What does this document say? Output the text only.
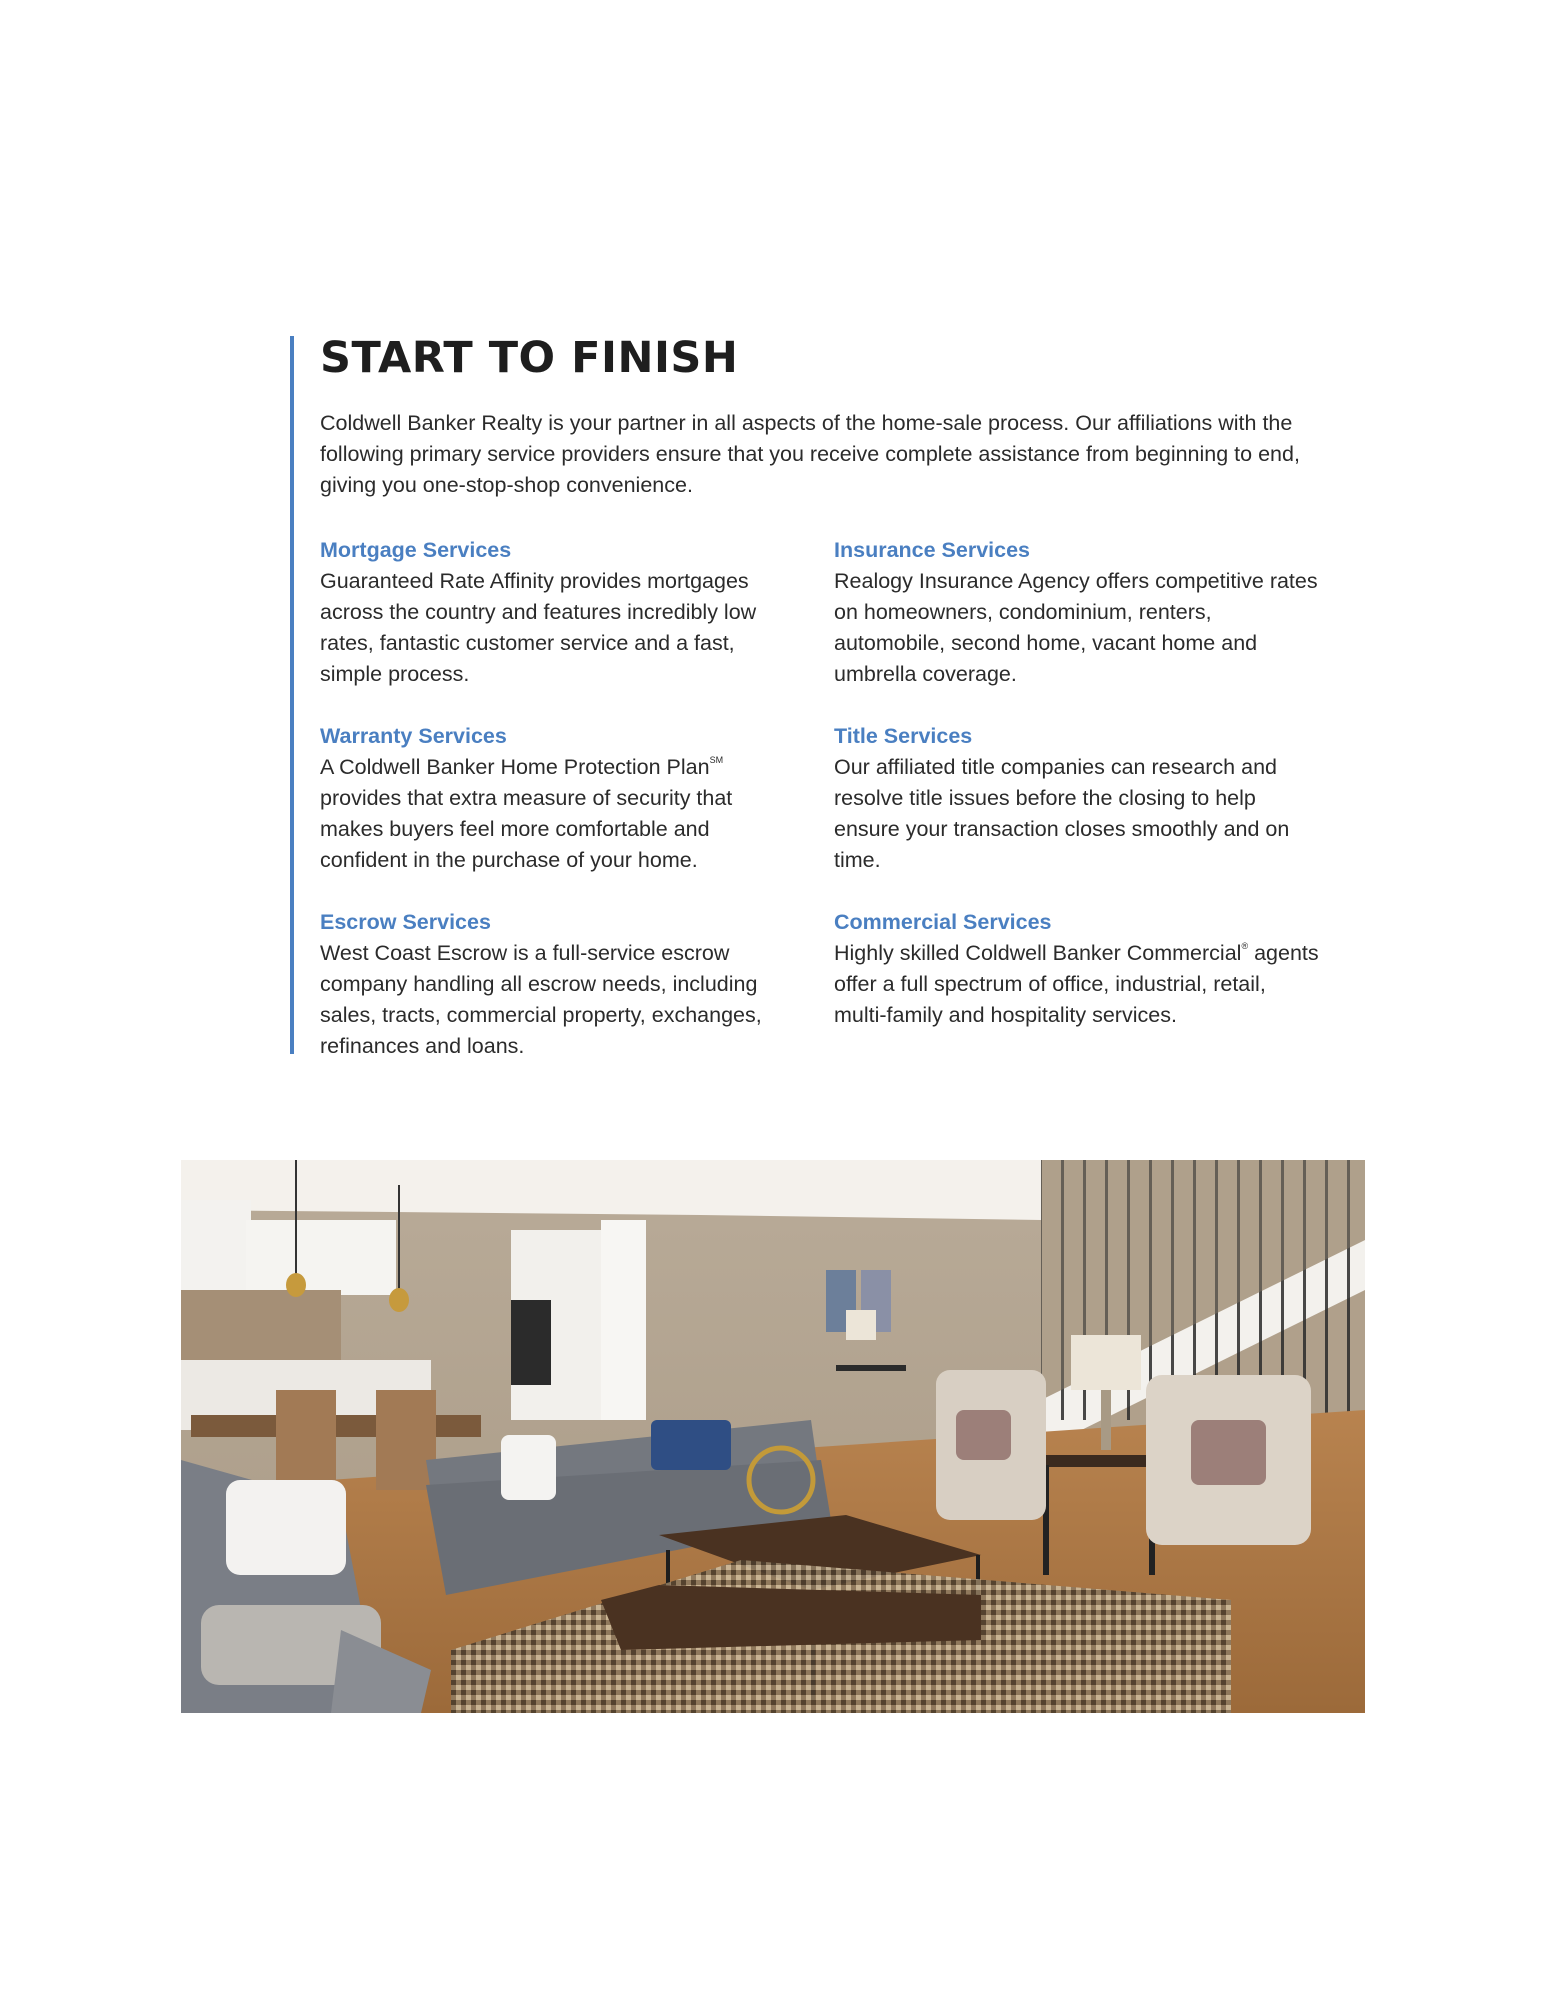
START TO FINISH

Coldwell Banker Realty is your partner in all aspects of the home-sale process. Our affiliations with the following primary service providers ensure that you receive complete assistance from beginning to end, giving you one-stop-shop convenience.

Mortgage Services

Guaranteed Rate Affinity provides mortgages across the country and features incredibly low rates, fantastic customer service and a fast, simple process.

Warranty Services

A Coldwell Banker Home Protection Plan℠ provides that extra measure of security that makes buyers feel more comfortable and confident in the purchase of your home.

Escrow Services

West Coast Escrow is a full-service escrow company handling all escrow needs, including sales, tracts, commercial property, exchanges, refinances and loans.

Insurance Services

Realogy Insurance Agency offers competitive rates on homeowners, condominium, renters, automobile, second home, vacant home and umbrella coverage.

Title Services

Our affiliated title companies can research and resolve title issues before the closing to help ensure your transaction closes smoothly and on time.

Commercial Services

Highly skilled Coldwell Banker Commercial® agents offer a full spectrum of office, industrial, retail, multi-family and hospitality services.
